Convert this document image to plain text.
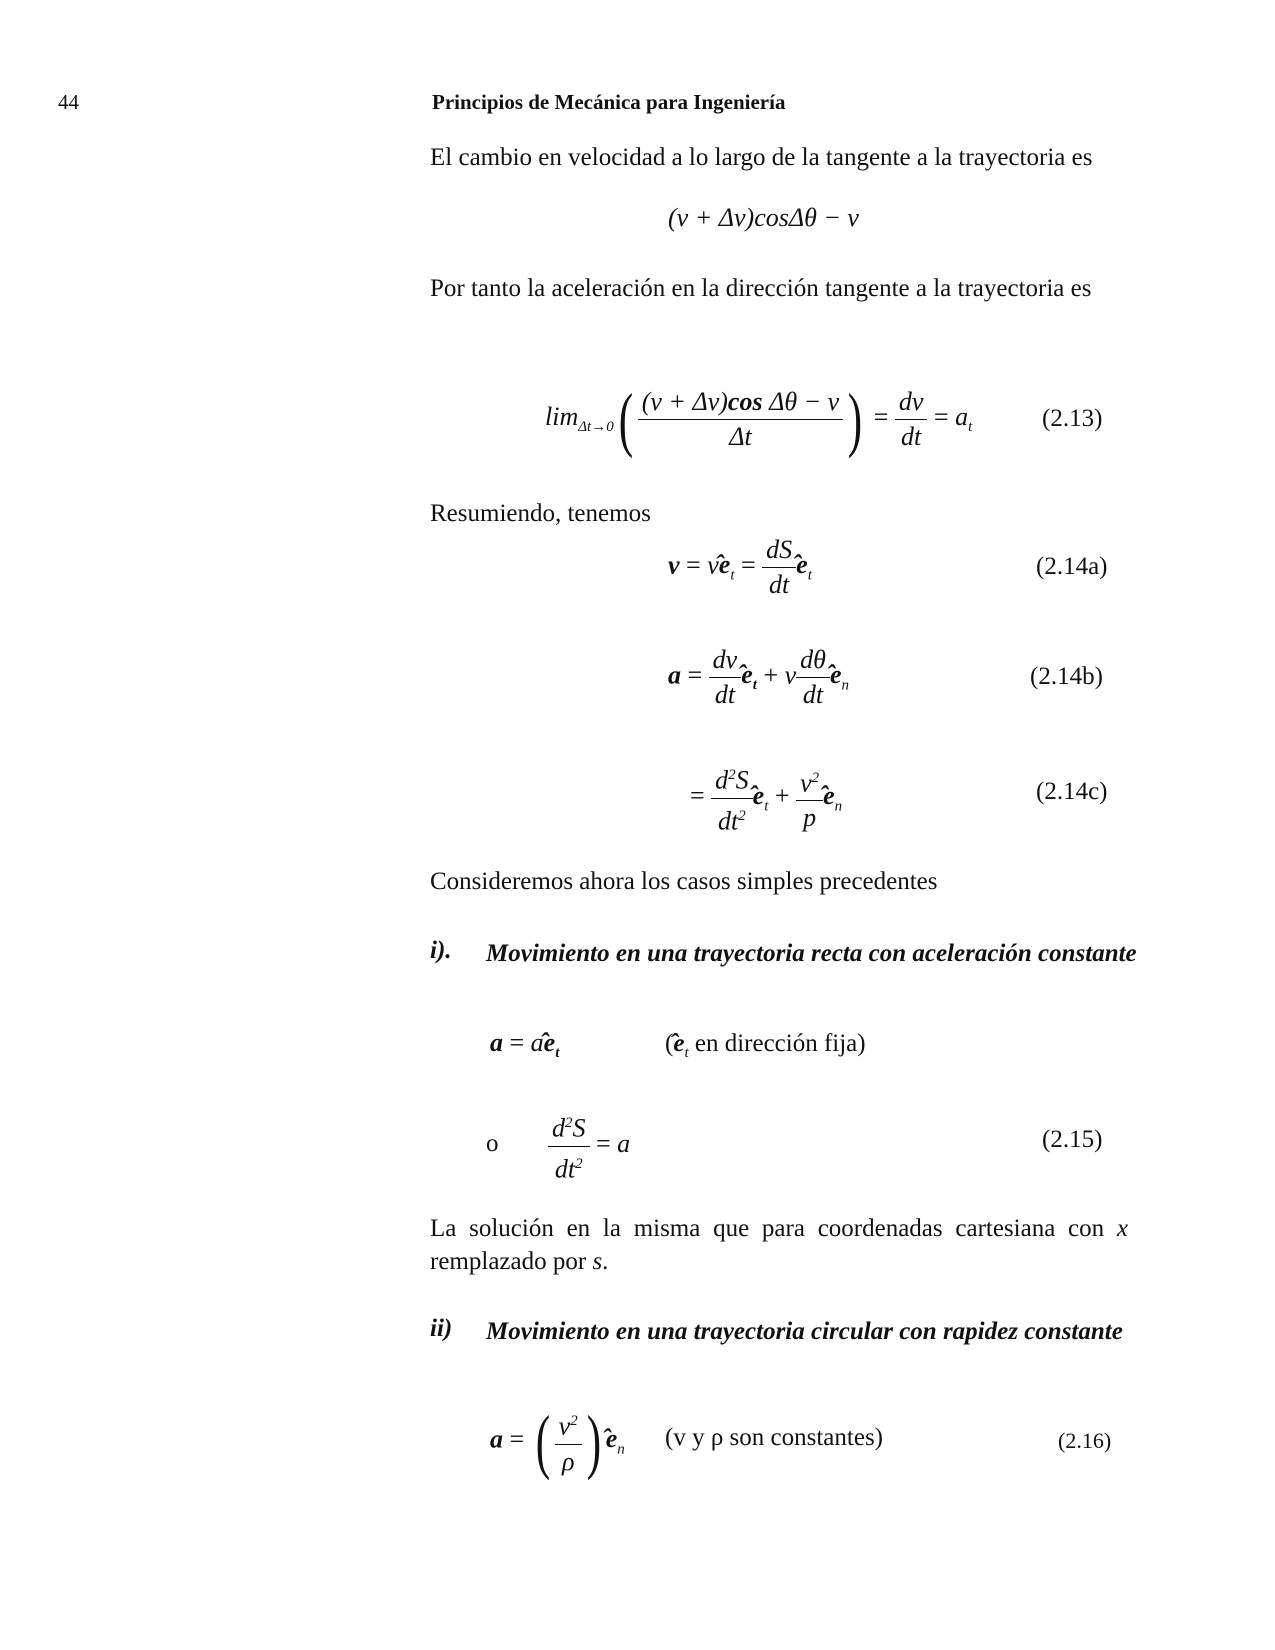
44	Principios de Mecánica para Ingeniería
El cambio en velocidad a lo largo de la tangente a la trayectoria es
(v + Δv)cosΔθ − v
Por tanto la aceleración en la dirección tangente a la trayectoria es
$\lim_{\Delta t\to 0}( \frac{\text{(v + Δv)cos Δθ − v}}{\Delta t}$ ) = $\frac{dv}{dt} = a_t$	(2.13)
Resumiendo, tenemos
v = v̂ $e_t = \frac{dS}{dt}$ ̂ $e_t$	(2.14a)
$a = \frac{dv}{dt}$ ̂ $e_t + v \frac{d\theta}{dt}$ ̂ $e_n$	(2.14b)
= $\frac{d^2S}{dt^2}$ ̂ $e_t + \frac{v^2}{p}$ ̂ $e_n$
(2.14c)
Consideremos ahora los casos simples precedentes
i). Movimiento en una trayectoria recta con aceleración constante
a = â $e_t$	(̂ $e_t$ en dirección fija)
o $\frac{d^2S}{dt^2} = a$	(2.15)
La solución en la misma que para coordenadas cartesiana con x remplazado por s.
ii) Movimiento en una trayectoria circular con rapidez constante
a = ( $\frac{v^2}{\rho}$ ) ̂ $e_n$ (v y ρ son constantes)	(2.16)
